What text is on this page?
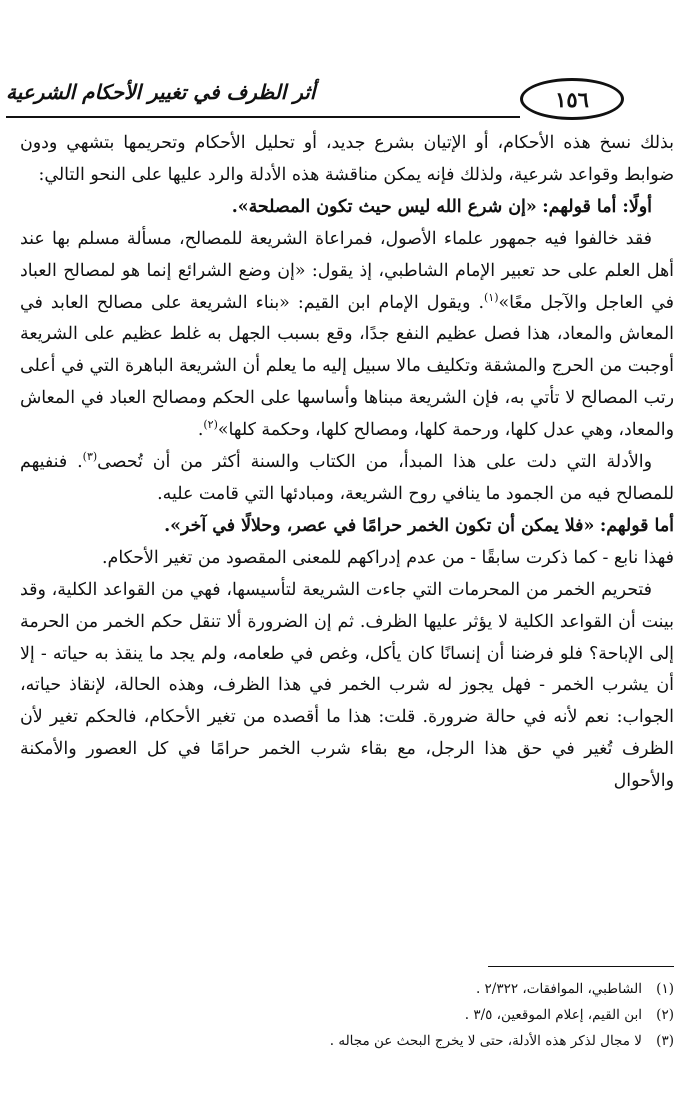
١٥٦
أثر الظرف في تغيير الأحكام الشرعية

بذلك نسخ هذه الأحكام، أو الإتيان بشرع جديد، أو تحليل الأحكام وتحريمها بتشهي ودون ضوابط وقواعد شرعية، ولذلك فإنه يمكن مناقشة هذه الأدلة والرد عليها على النحو التالي:

أولًا: أما قولهم: «إن شرع الله ليس حيث تكون المصلحة».

فقد خالفوا فيه جمهور علماء الأصول، فمراعاة الشريعة للمصالح، مسألة مسلم بها عند أهل العلم على حد تعبير الإمام الشاطبي، إذ يقول: «إن وضع الشرائع إنما هو لمصالح العباد في العاجل والآجل معًا»$^{(١)}$. ويقول الإمام ابن القيم: «بناء الشريعة على مصالح العابد في المعاش والمعاد، هذا فصل عظيم النفع جدًا، وقع بسبب الجهل به غلط عظيم على الشريعة أوجبت من الحرج والمشقة وتكليف مالا سبيل إليه ما يعلم أن الشريعة الباهرة التي في أعلى رتب المصالح لا تأتي به، فإن الشريعة مبناها وأساسها على الحكم ومصالح العباد في المعاش والمعاد، وهي عدل كلها، ورحمة كلها، ومصالح كلها، وحكمة كلها»$^{(٢)}$.

والأدلة التي دلت على هذا المبدأ، من الكتاب والسنة أكثر من أن تُحصى$^{(٣)}$. فنفيهم للمصالح فيه من الجمود ما ينافي روح الشريعة، ومبادئها التي قامت عليه.

أما قولهم: «فلا يمكن أن تكون الخمر حرامًا في عصر، وحلالًا في آخر».

فهذا نابع - كما ذكرت سابقًا - من عدم إدراكهم للمعنى المقصود من تغير الأحكام.

فتحريم الخمر من المحرمات التي جاءت الشريعة لتأسيسها، فهي من القواعد الكلية، وقد بينت أن القواعد الكلية لا يؤثر عليها الظرف. ثم إن الضرورة ألا تنقل حكم الخمر من الحرمة إلى الإباحة؟ فلو فرضنا أن إنسانًا كان يأكل، وغص في طعامه، ولم يجد ما ينقذ به حياته - إلا أن يشرب الخمر - فهل يجوز له شرب الخمر في هذا الظرف، وهذه الحالة، لإنقاذ حياته، الجواب: نعم لأنه في حالة ضرورة. قلت: هذا ما أقصده من تغير الأحكام، فالحكم تغير لأن الظرف تُغير في حق هذا الرجل، مع بقاء شرب الخمر حرامًا في كل العصور والأمكنة والأحوال

(١)
الشاطبي، الموافقات، ٢/٣٢٢ .
(٢)
ابن القيم، إعلام الموقعين، ٣/٥ .
(٣)
لا مجال لذكر هذه الأدلة، حتى لا يخرج البحث عن مجاله .
